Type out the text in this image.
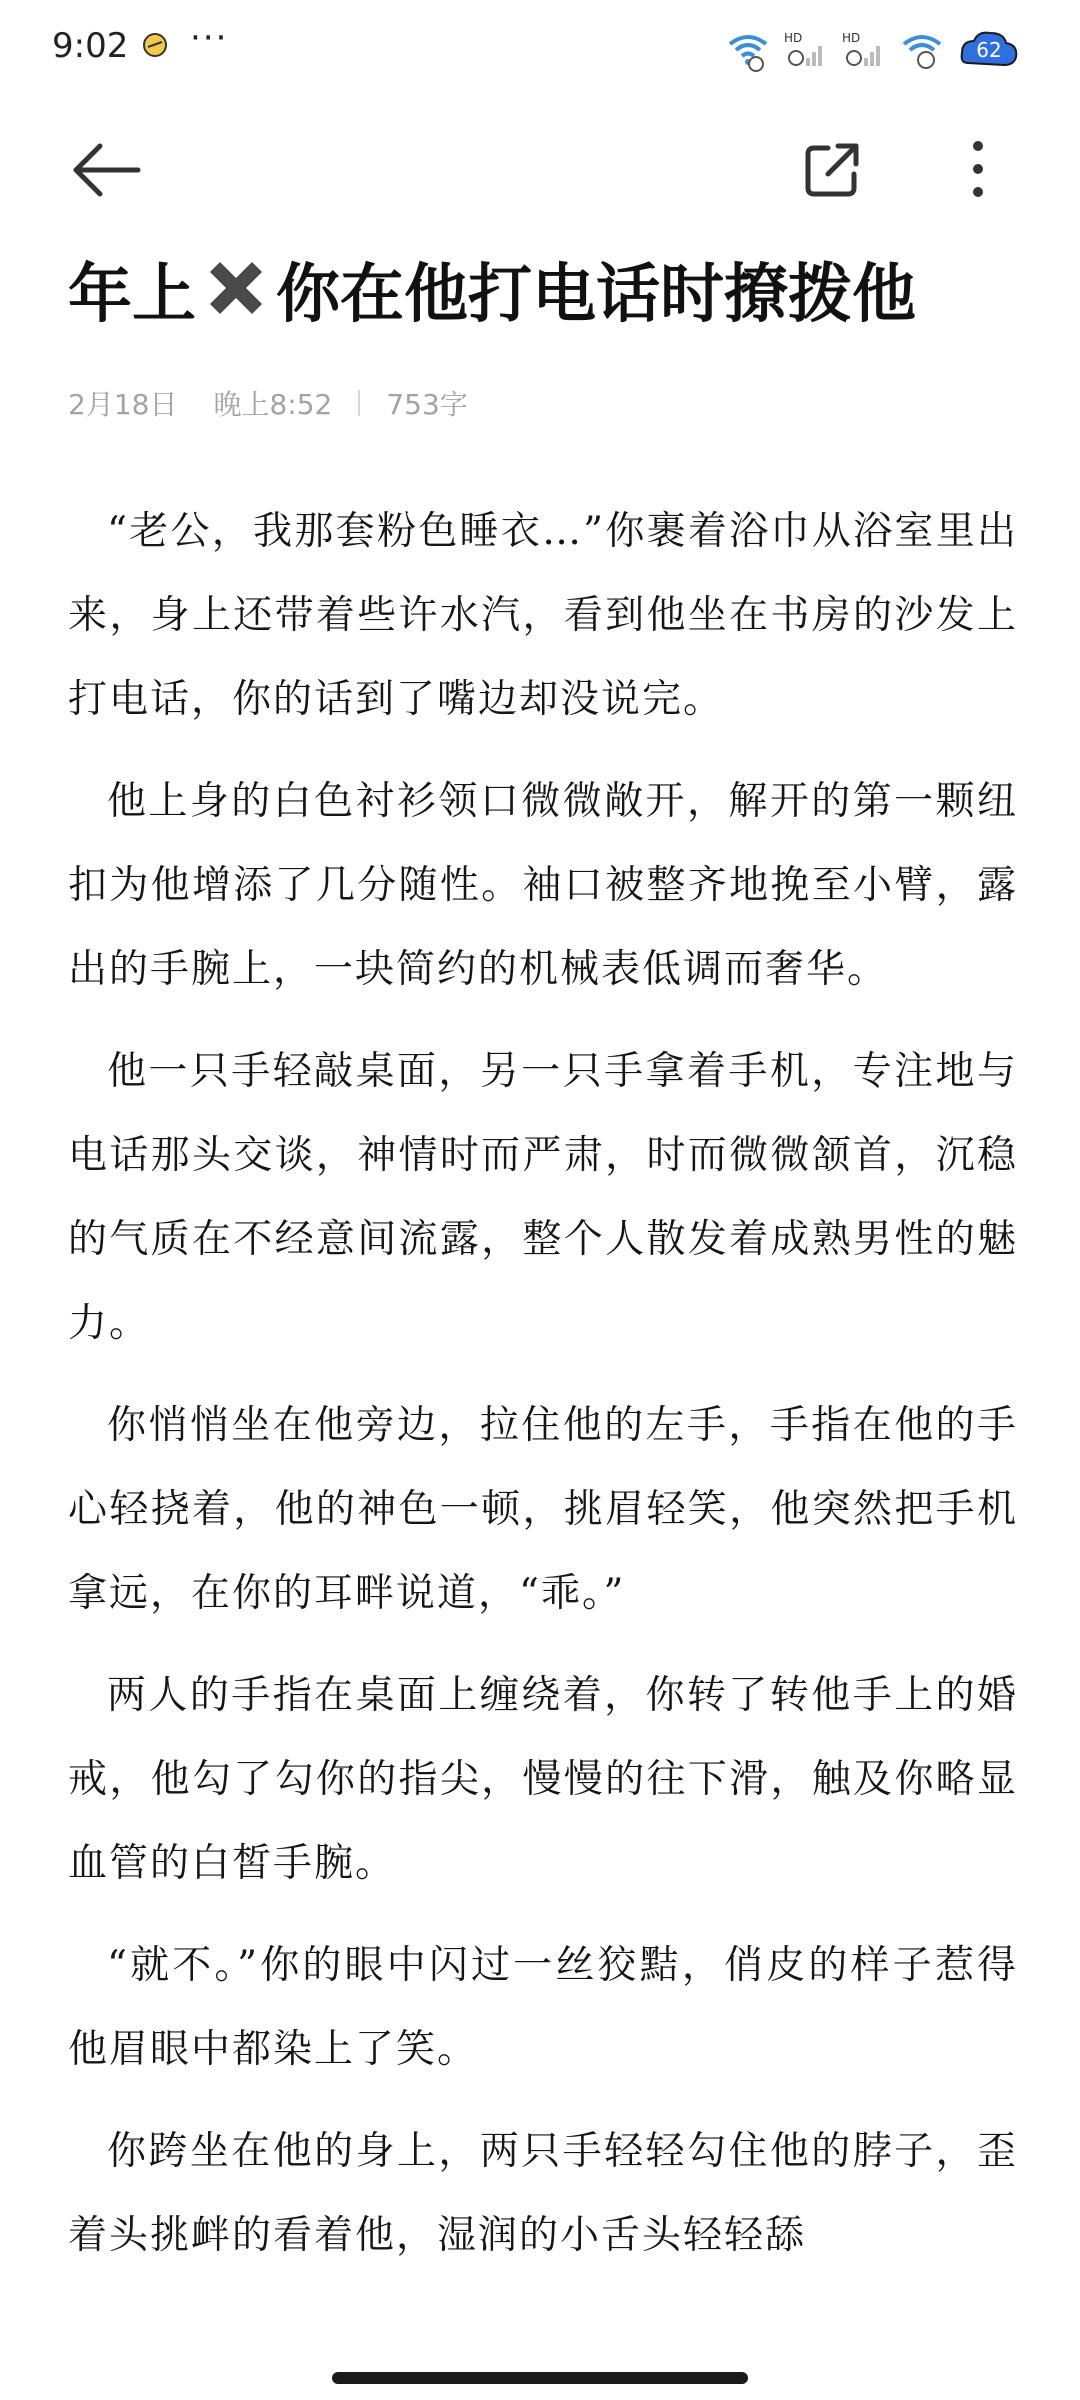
9:02 ···	HD	HD	62
年上 你在他打电话时撩拨他
2月18日 晚上8:52 753字

“老公，我那套粉色睡衣…”你裹着浴巾从浴室里出来，身上还带着些许水汽，看到他坐在书房的沙发上打电话，你的话到了嘴边却没说完。

他上身的白色衬衫领口微微敞开，解开的第一颗纽扣为他增添了几分随性。袖口被整齐地挽至小臂，露出的手腕上，一块简约的机械表低调而奢华。

他一只手轻敲桌面，另一只手拿着手机，专注地与电话那头交谈，神情时而严肃，时而微微颔首，沉稳的气质在不经意间流露，整个人散发着成熟男性的魅力。

你悄悄坐在他旁边，拉住他的左手，手指在他的手心轻挠着，他的神色一顿，挑眉轻笑，他突然把手机拿远，在你的耳畔说道，“乖。”

两人的手指在桌面上缠绕着，你转了转他手上的婚戒，他勾了勾你的指尖，慢慢的往下滑，触及你略显血管的白皙手腕。

“就不。”你的眼中闪过一丝狡黠，俏皮的样子惹得他眉眼中都染上了笑。

你跨坐在他的身上，两只手轻轻勾住他的脖子，歪着头挑衅的看着他，湿润的小舌头轻轻舔
